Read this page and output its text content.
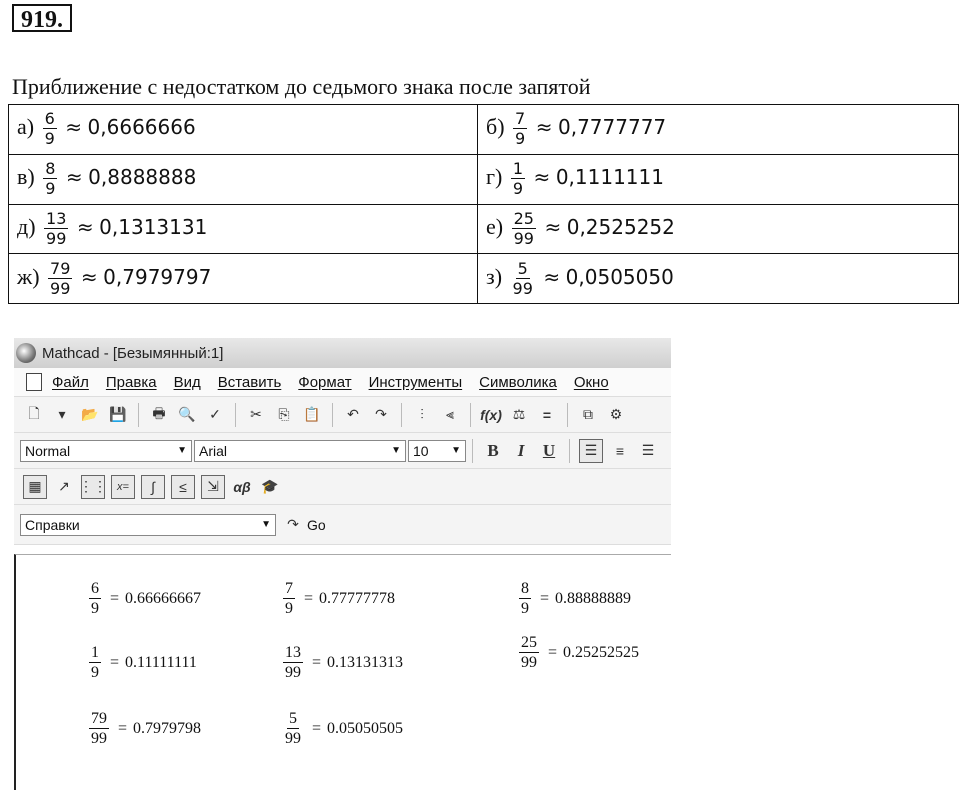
919.
Приближение с недостатком до седьмого знака после запятой
$а) \frac{6}{9} \approx 0,6666666$	$б) \frac{7}{9} \approx 0,7777777$
$в) \frac{8}{9} \approx 0,8888888$	$г) \frac{1}{9} \approx 0,1111111$
$д) \frac{13}{99} \approx 0,1313131$	$е) \frac{25}{99} \approx 0,2525252$
$ж) \frac{79}{99} \approx 0,7979797$	$з) \frac{5}{99} \approx 0,0505050$
Mathcad - [Безымянный:1]
Файл Правка Вид Вставить Формат Инструменты Символика Окно
🗋	▾	📂 💾	🖶 🔍 ✓	✂	⎘ 📋	↶	↷	⫶	⫷	f(x) ⚖	=	⧉	⚙
Normal	▼ Arial	▼ 10 ▼	B	I	U	☰	≡	☰
▦	↗ ⋮⋮ x=	∫	≤	⇲	αβ 🎓
Справки	▼	↷ Go
$\frac{6}{9} = 0.66666667$	$\frac{7}{9} = 0.77777778$	$\frac{8}{9} = 0.88888889$
$\frac{1}{9} = 0.11111111$	$\frac{13}{99} = 0.13131313$	$\frac{25}{99} = 0.25252525$
$\frac{79}{99} = 0.7979798$	$\frac{5}{99} = 0.05050505$
